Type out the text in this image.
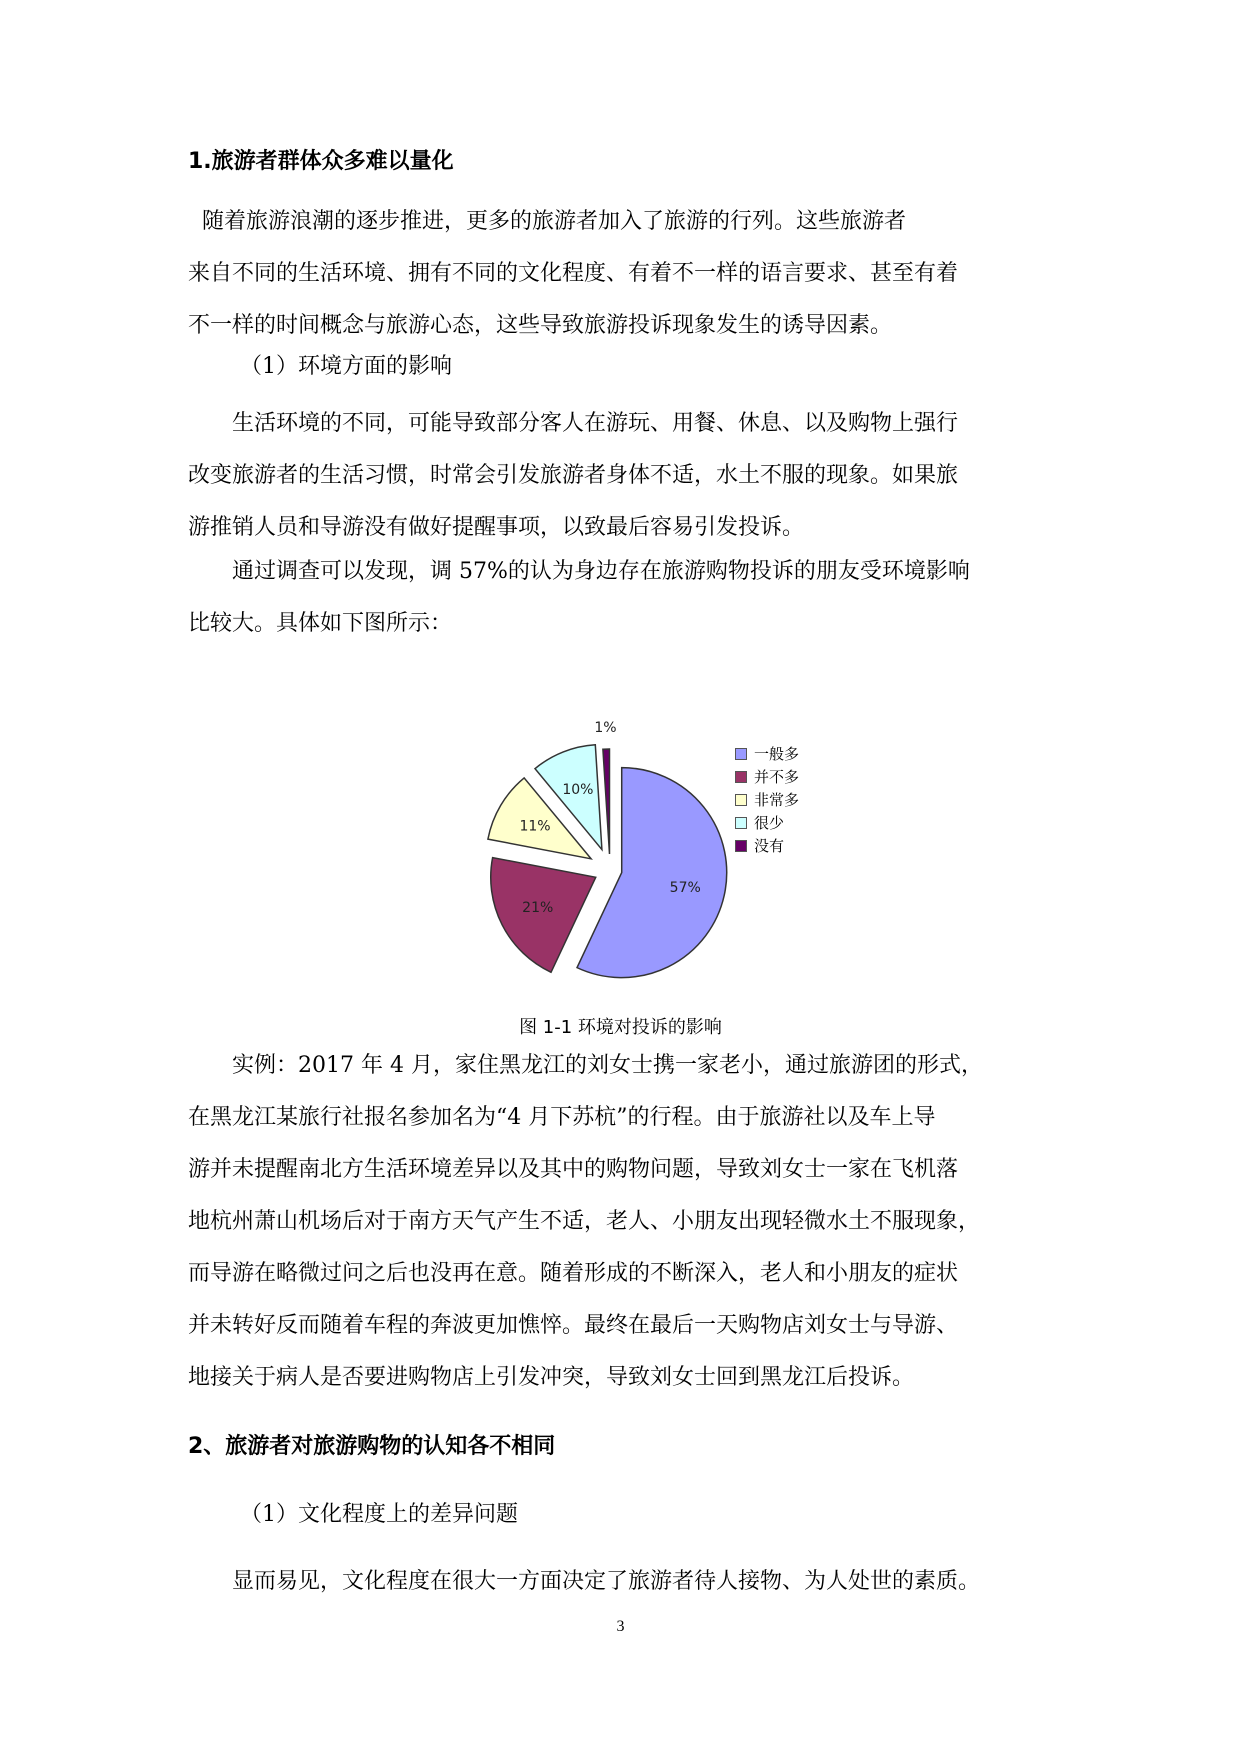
1.旅游者群体众多难以量化
随着旅游浪潮的逐步推进，更多的旅游者加入了旅游的行列。这些旅游者
来自不同的生活环境、拥有不同的文化程度、有着不一样的语言要求、甚至有着
不一样的时间概念与旅游心态，这些导致旅游投诉现象发生的诱导因素。
（1）环境方面的影响
生活环境的不同，可能导致部分客人在游玩、用餐、休息、以及购物上强行
改变旅游者的生活习惯，时常会引发旅游者身体不适，水土不服的现象。如果旅
游推销人员和导游没有做好提醒事项，以致最后容易引发投诉。
通过调查可以发现，调 57%的认为身边存在旅游购物投诉的朋友受环境影响
比较大。具体如下图所示：
57%
21%
11%
10%
1%
一般多
并不多
非常多
很少
没有
图 1-1 环境对投诉的影响
实例：2017 年 4 月，家住黑龙江的刘女士携一家老小，通过旅游团的形式，
在黑龙江某旅行社报名参加名为“4 月下苏杭”的行程。由于旅游社以及车上导
游并未提醒南北方生活环境差异以及其中的购物问题，导致刘女士一家在飞机落
地杭州萧山机场后对于南方天气产生不适，老人、小朋友出现轻微水土不服现象，
而导游在略微过问之后也没再在意。随着形成的不断深入，老人和小朋友的症状
并未转好反而随着车程的奔波更加憔悴。最终在最后一天购物店刘女士与导游、
地接关于病人是否要进购物店上引发冲突，导致刘女士回到黑龙江后投诉。
2、旅游者对旅游购物的认知各不相同
（1）文化程度上的差异问题
显而易见，文化程度在很大一方面决定了旅游者待人接物、为人处世的素质。
3
